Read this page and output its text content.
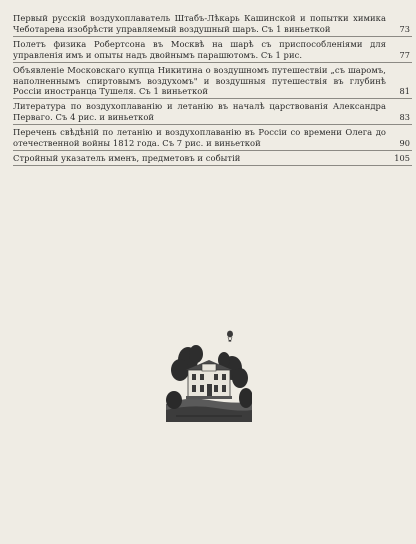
Первый русскій воздухоплаватель Штабъ-Лѣкарь Кашинской и попытки химика Чеботарева изобрѣсти управляемый воздушный шаръ. Съ 1 виньеткой	73
Полетъ физика Робертсона въ Москвѣ на шарѣ съ приспособленіями для управленія имъ и опыты надъ двойнымъ парашютомъ. Съ 1 рис.	77
Объявленіе Московскаго купца Никитина о воздушномъ путешествіи „съ шаромъ, наполненнымъ спиртовымъ воздухомъ" и воздушныя путешествія въ глубинѣ Россіи иностранца Тушеля. Съ 1 виньеткой	81
Литература по воздухоплаванію и летанію въ началѣ царствованія Александра Перваго. Съ 4 рис. и виньеткой	83
Перечень свѣдѣній по летанію и воздухоплаванію въ Россіи со времени Олега до отечественной войны 1812 года. Съ 7 рис. и виньеткой	90
Стройный указатель именъ, предметовъ и событій	105
